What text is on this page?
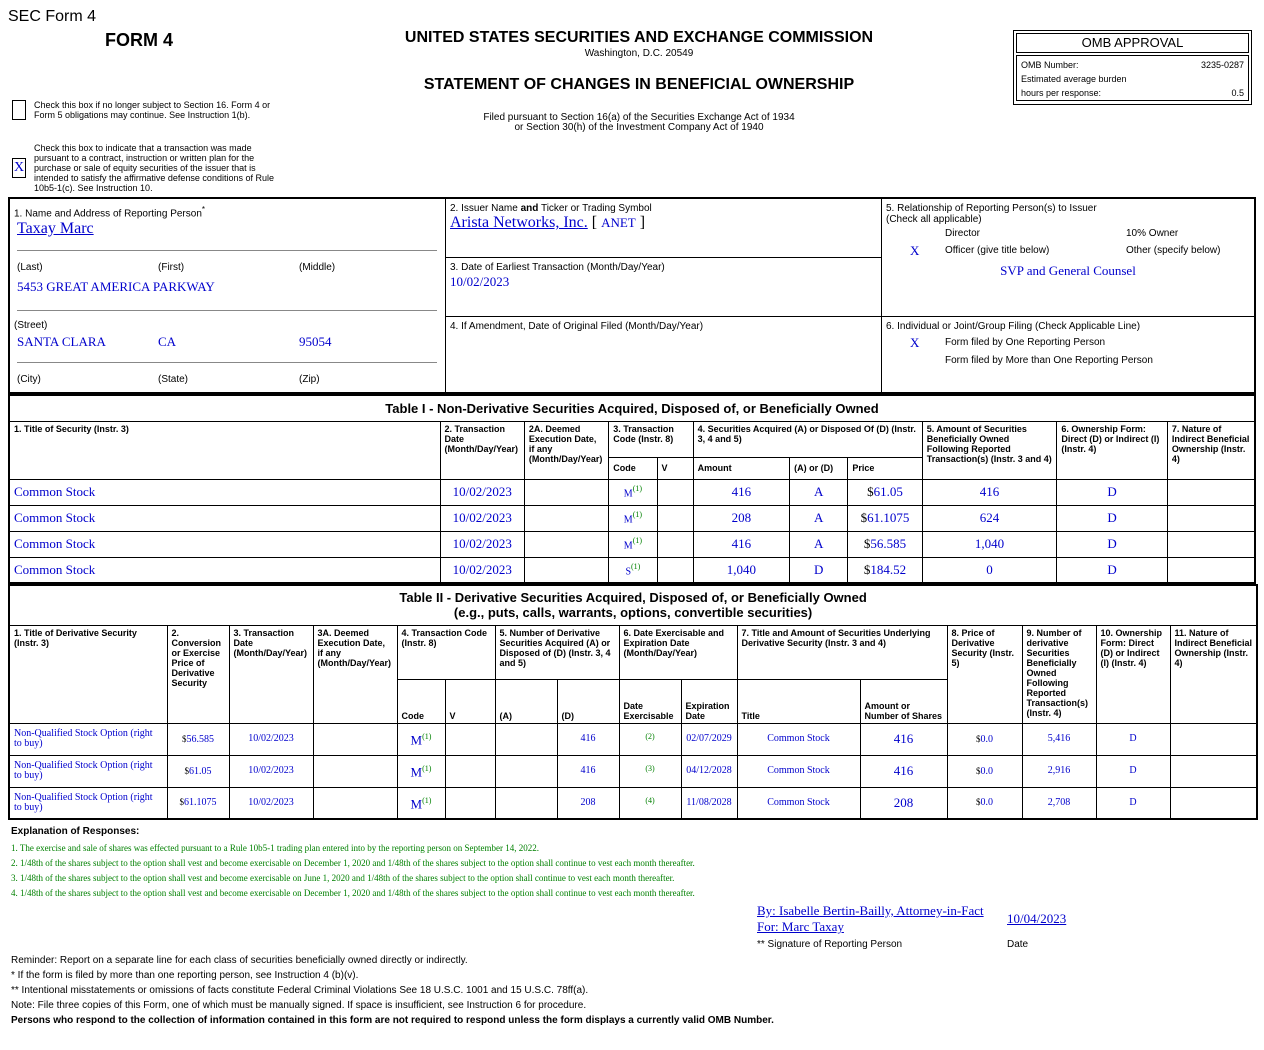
SEC Form 4
FORM 4	UNITED STATES SECURITIES AND EXCHANGE COMMISSION
Washington, D.C. 20549
STATEMENT OF CHANGES IN BENEFICIAL OWNERSHIP
Filed pursuant to Section 16(a) of the Securities Exchange Act of 1934
or Section 30(h) of the Investment Company Act of 1940
Check this box if no longer subject to Section 16. Form 4 or Form 5 obligations may continue. See Instruction 1(b).
X
Check this box to indicate that a transaction was made pursuant to a contract, instruction or written plan for the purchase or sale of equity securities of the issuer that is intended to satisfy the affirmative defense conditions of Rule 10b5-1(c). See Instruction 10.
OMB APPROVAL
OMB Number:	3235-0287
Estimated average burden
hours per response:	0.5
1. Name and Address of Reporting Person*
Taxay Marc
(Last)	(First)	(Middle)
5453 GREAT AMERICA PARKWAY
(Street)
SANTA CLARA	CA	95054
(City)	(State)	(Zip)
2. Issuer Name and Ticker or Trading Symbol
Arista Networks, Inc. [ ANET ]
3. Date of Earliest Transaction (Month/Day/Year)
10/02/2023
4. If Amendment, Date of Original Filed (Month/Day/Year)
5. Relationship of Reporting Person(s) to Issuer
(Check all applicable)
Director	10% Owner
X	Officer (give title below)	Other (specify below)
SVP and General Counsel
6. Individual or Joint/Group Filing (Check Applicable Line)
X	Form filed by One Reporting Person
Form filed by More than One Reporting Person
Table I - Non-Derivative Securities Acquired, Disposed of, or Beneficially Owned										
1. Title of Security (Instr. 3)	2. Transaction Date (Month/Day/Year)	2A. Deemed Execution Date, if any (Month/Day/Year)	3. Transaction Code (Instr. 8)		4. Securities Acquired (A) or Disposed Of (D) (Instr. 3, 4 and 5)			5. Amount of Securities Beneficially Owned Following Reported Transaction(s) (Instr. 3 and 4)	6. Ownership Form: Direct (D) or Indirect (I) (Instr. 4)	7. Nature of Indirect Beneficial Ownership (Instr. 4)
			Code	V	Amount	(A) or (D)	Price			
Common Stock	10/02/2023		$M^{(1)}$		416	A	$61.05	416	D	
Common Stock	10/02/2023		$M^{(1)}$		208	A	$61.1075	624	D	
Common Stock	10/02/2023		$M^{(1)}$		416	A	$56.585	1,040	D	
Common Stock	10/02/2023		$S^{(1)}$		1,040	D	$184.52	0	D	
Table II - Derivative Securities Acquired, Disposed of, or Beneficially Owned
(e.g., puts, calls, warrants, options, convertible securities)															

1. Title of Derivative Security (Instr. 3)	2. Conversion or Exercise Price of Derivative Security	3. Transaction Date (Month/Day/Year)	3A. Deemed Execution Date, if any (Month/Day/Year)	4. Transaction Code (Instr. 8)		5. Number of Derivative Securities Acquired (A) or Disposed of (D) (Instr. 3, 4 and 5)		6. Date Exercisable and Expiration Date (Month/Day/Year)		7. Title and Amount of Securities Underlying Derivative Security (Instr. 3 and 4)		8. Price of Derivative Security (Instr. 5)	9. Number of derivative Securities Beneficially Owned Following Reported Transaction(s) (Instr. 4)	10. Ownership Form: Direct (D) or Indirect (I) (Instr. 4)	11. Nature of Indirect Beneficial Ownership (Instr. 4)
				Code	V	(A)	(D)	Date Exercisable	Expiration Date	Title	Amount or Number of Shares				
Non-Qualified Stock Option (right to buy)	$56.585	10/02/2023		$M^{(1)}$			416	$^{(2)}$	02/07/2029	Common Stock	416	$0.0	5,416	D	
Non-Qualified Stock Option (right to buy)	$61.05	10/02/2023		$M^{(1)}$			416	$^{(3)}$	04/12/2028	Common Stock	416	$0.0	2,916	D	
Non-Qualified Stock Option (right to buy)	$61.1075	10/02/2023		$M^{(1)}$			208	$^{(4)}$	11/08/2028	Common Stock	208	$0.0	2,708	D	
Explanation of Responses:
1. The exercise and sale of shares was effected pursuant to a Rule 10b5-1 trading plan entered into by the reporting person on September 14, 2022.
2. 1/48th of the shares subject to the option shall vest and become exercisable on December 1, 2020 and 1/48th of the shares subject to the option shall continue to vest each month thereafter.
3. 1/48th of the shares subject to the option shall vest and become exercisable on June 1, 2020 and 1/48th of the shares subject to the option shall continue to vest each month thereafter.
4. 1/48th of the shares subject to the option shall vest and become exercisable on December 1, 2020 and 1/48th of the shares subject to the option shall continue to vest each month thereafter.
By: Isabelle Bertin-Bailly, Attorney-in-Fact
For: Marc Taxay
10/04/2023
** Signature of Reporting Person	Date
Reminder: Report on a separate line for each class of securities beneficially owned directly or indirectly.
* If the form is filed by more than one reporting person, see Instruction 4 (b)(v).
** Intentional misstatements or omissions of facts constitute Federal Criminal Violations See 18 U.S.C. 1001 and 15 U.S.C. 78ff(a).
Note: File three copies of this Form, one of which must be manually signed. If space is insufficient, see Instruction 6 for procedure.
Persons who respond to the collection of information contained in this form are not required to respond unless the form displays a currently valid OMB Number.
